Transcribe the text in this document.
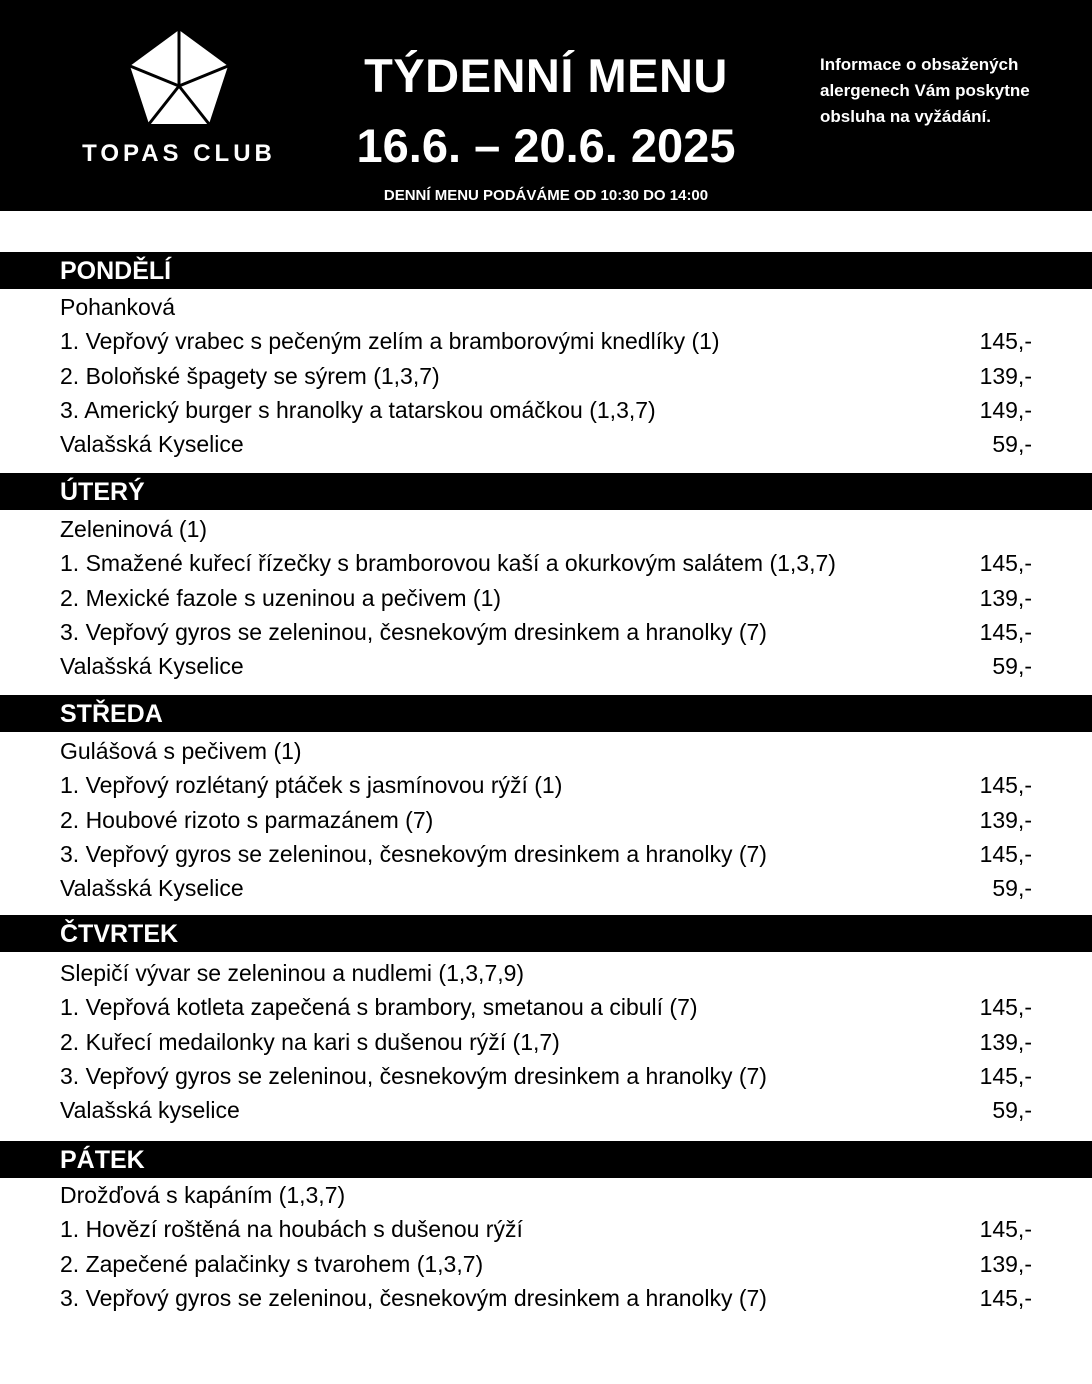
TOPAS CLUB
TÝDENNÍ MENU
16.6. – 20.6. 2025
DENNÍ MENU PODÁVÁME OD 10:30 DO 14:00
Informace o obsažených alergenech Vám poskytne obsluha na vyžádání.
PONDĚLÍ
Pohanková
1. Vepřový vrabec s pečeným zelím a bramborovými knedlíky (1)	145,-
2. Boloňské špagety se sýrem (1,3,7)	139,-
3. Americký burger s hranolky a tatarskou omáčkou (1,3,7)	149,-
Valašská Kyselice	59,-
ÚTERÝ
Zeleninová (1)
1. Smažené kuřecí řízečky s bramborovou kaší a okurkovým salátem (1,3,7)	145,-
2. Mexické fazole s uzeninou a pečivem (1)	139,-
3. Vepřový gyros se zeleninou, česnekovým dresinkem a hranolky (7)	145,-
Valašská Kyselice	59,-
STŘEDA
Gulášová s pečivem (1)
1. Vepřový rozlétaný ptáček s jasmínovou rýží (1)	145,-
2. Houbové rizoto s parmazánem (7)	139,-
3. Vepřový gyros se zeleninou, česnekovým dresinkem a hranolky (7)	145,-
Valašská Kyselice	59,-
ČTVRTEK
Slepičí vývar se zeleninou a nudlemi (1,3,7,9)
1. Vepřová kotleta zapečená s brambory, smetanou a cibulí (7)	145,-
2. Kuřecí medailonky na kari s dušenou rýží (1,7)	139,-
3. Vepřový gyros se zeleninou, česnekovým dresinkem a hranolky (7)	145,-
Valašská kyselice	59,-
PÁTEK
Drožďová s kapáním (1,3,7)
1. Hovězí roštěná na houbách s dušenou rýží	145,-
2. Zapečené palačinky s tvarohem (1,3,7)	139,-
3. Vepřový gyros se zeleninou, česnekovým dresinkem a hranolky (7)	145,-
